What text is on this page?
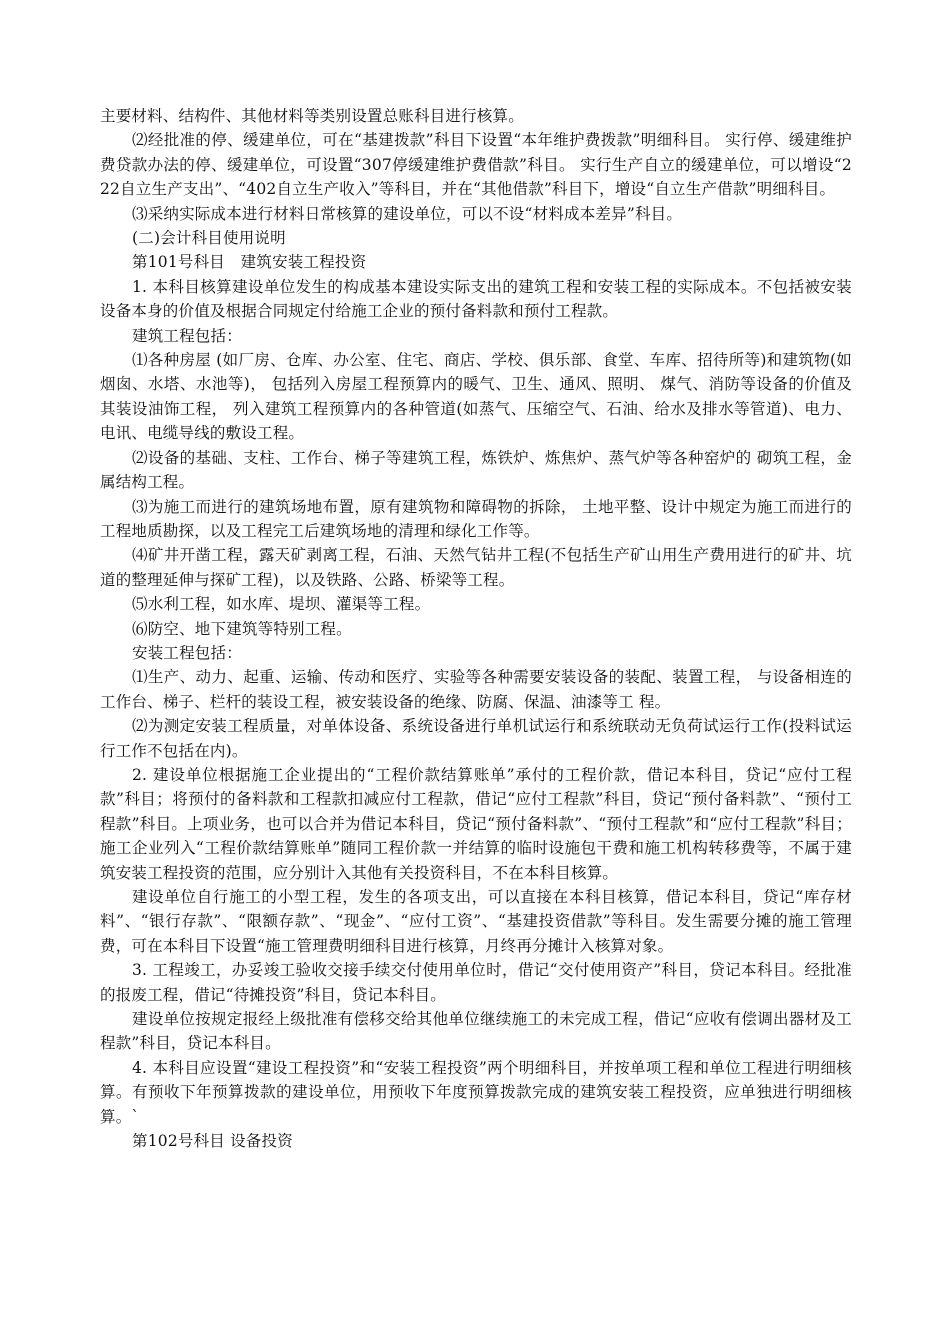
主要材料、结构件、其他材料等类别设置总账科目进行核算。

⑵经批准的停、缓建单位，可在“基建拨款”科目下设置“本年维护费拨款”明细科目。 实行停、缓建维护费贷款办法的停、缓建单位，可设置“307停缓建维护费借款”科目。 实行生产自立的缓建单位，可以增设“222自立生产支出”、“402自立生产收入”等科目，并在“其他借款”科目下，增设“自立生产借款”明细科目。

⑶采纳实际成本进行材料日常核算的建设单位，可以不设“材料成本差异”科目。

(二)会计科目使用说明

第101号科目　建筑安装工程投资

1. 本科目核算建设单位发生的构成基本建设实际支出的建筑工程和安装工程的实际成本。不包括被安装设备本身的价值及根据合同规定付给施工企业的预付备料款和预付工程款。

建筑工程包括：

⑴各种房屋 (如厂房、仓库、办公室、住宅、商店、学校、俱乐部、食堂、车库、招待所等)和建筑物(如烟囱、水塔、水池等)， 包括列入房屋工程预算内的暖气、卫生、通风、照明、 煤气、消防等设备的价值及其装设油饰工程， 列入建筑工程预算内的各种管道(如蒸气、压缩空气、石油、给水及排水等管道)、电力、电讯、电缆导线的敷设工程。

⑵设备的基础、支柱、工作台、梯子等建筑工程，炼铁炉、炼焦炉、蒸气炉等各种窑炉的 砌筑工程，金属结构工程。

⑶为施工而进行的建筑场地布置，原有建筑物和障碍物的拆除， 土地平整、设计中规定为施工而进行的工程地质勘探，以及工程完工后建筑场地的清理和绿化工作等。

⑷矿井开凿工程，露天矿剥离工程，石油、天然气钻井工程(不包括生产矿山用生产费用进行的矿井、坑道的整理延伸与探矿工程)，以及铁路、公路、桥梁等工程。

⑸水利工程，如水库、堤坝、灌渠等工程。

⑹防空、地下建筑等特别工程。

安装工程包括：

⑴生产、动力、起重、运输、传动和医疗、实验等各种需要安装设备的装配、装置工程， 与设备相连的工作台、梯子、栏杆的装设工程，被安装设备的绝缘、防腐、保温、油漆等工 程。

⑵为测定安装工程质量，对单体设备、系统设备进行单机试运行和系统联动无负荷试运行工作(投料试运行工作不包括在内)。

2. 建设单位根据施工企业提出的“工程价款结算账单”承付的工程价款，借记本科目，贷记“应付工程款”科目；将预付的备料款和工程款扣减应付工程款，借记“应付工程款”科目，贷记“预付备料款”、“预付工程款”科目。上项业务，也可以合并为借记本科目，贷记“预付备料款”、“预付工程款”和“应付工程款”科目；施工企业列入“工程价款结算账单”随同工程价款一并结算的临时设施包干费和施工机构转移费等，不属于建筑安装工程投资的范围，应分别计入其他有关投资科目，不在本科目核算。

建设单位自行施工的小型工程，发生的各项支出，可以直接在本科目核算，借记本科目，贷记“库存材料”、“银行存款”、“限额存款”、“现金”、“应付工资”、“基建投资借款”等科目。发生需要分摊的施工管理费，可在本科目下设置“施工管理费明细科目进行核算，月终再分摊计入核算对象。

3. 工程竣工，办妥竣工验收交接手续交付使用单位时，借记“交付使用资产”科目，贷记本科目。经批准的报废工程，借记“待摊投资”科目，贷记本科目。

建设单位按规定报经上级批准有偿移交给其他单位继续施工的未完成工程，借记“应收有偿调出器材及工程款”科目，贷记本科目。

4. 本科目应设置“建设工程投资”和“安装工程投资”两个明细科目，并按单项工程和单位工程进行明细核算。有预收下年预算拨款的建设单位，用预收下年度预算拨款完成的建筑安装工程投资，应单独进行明细核算。`

第102号科目 设备投资
